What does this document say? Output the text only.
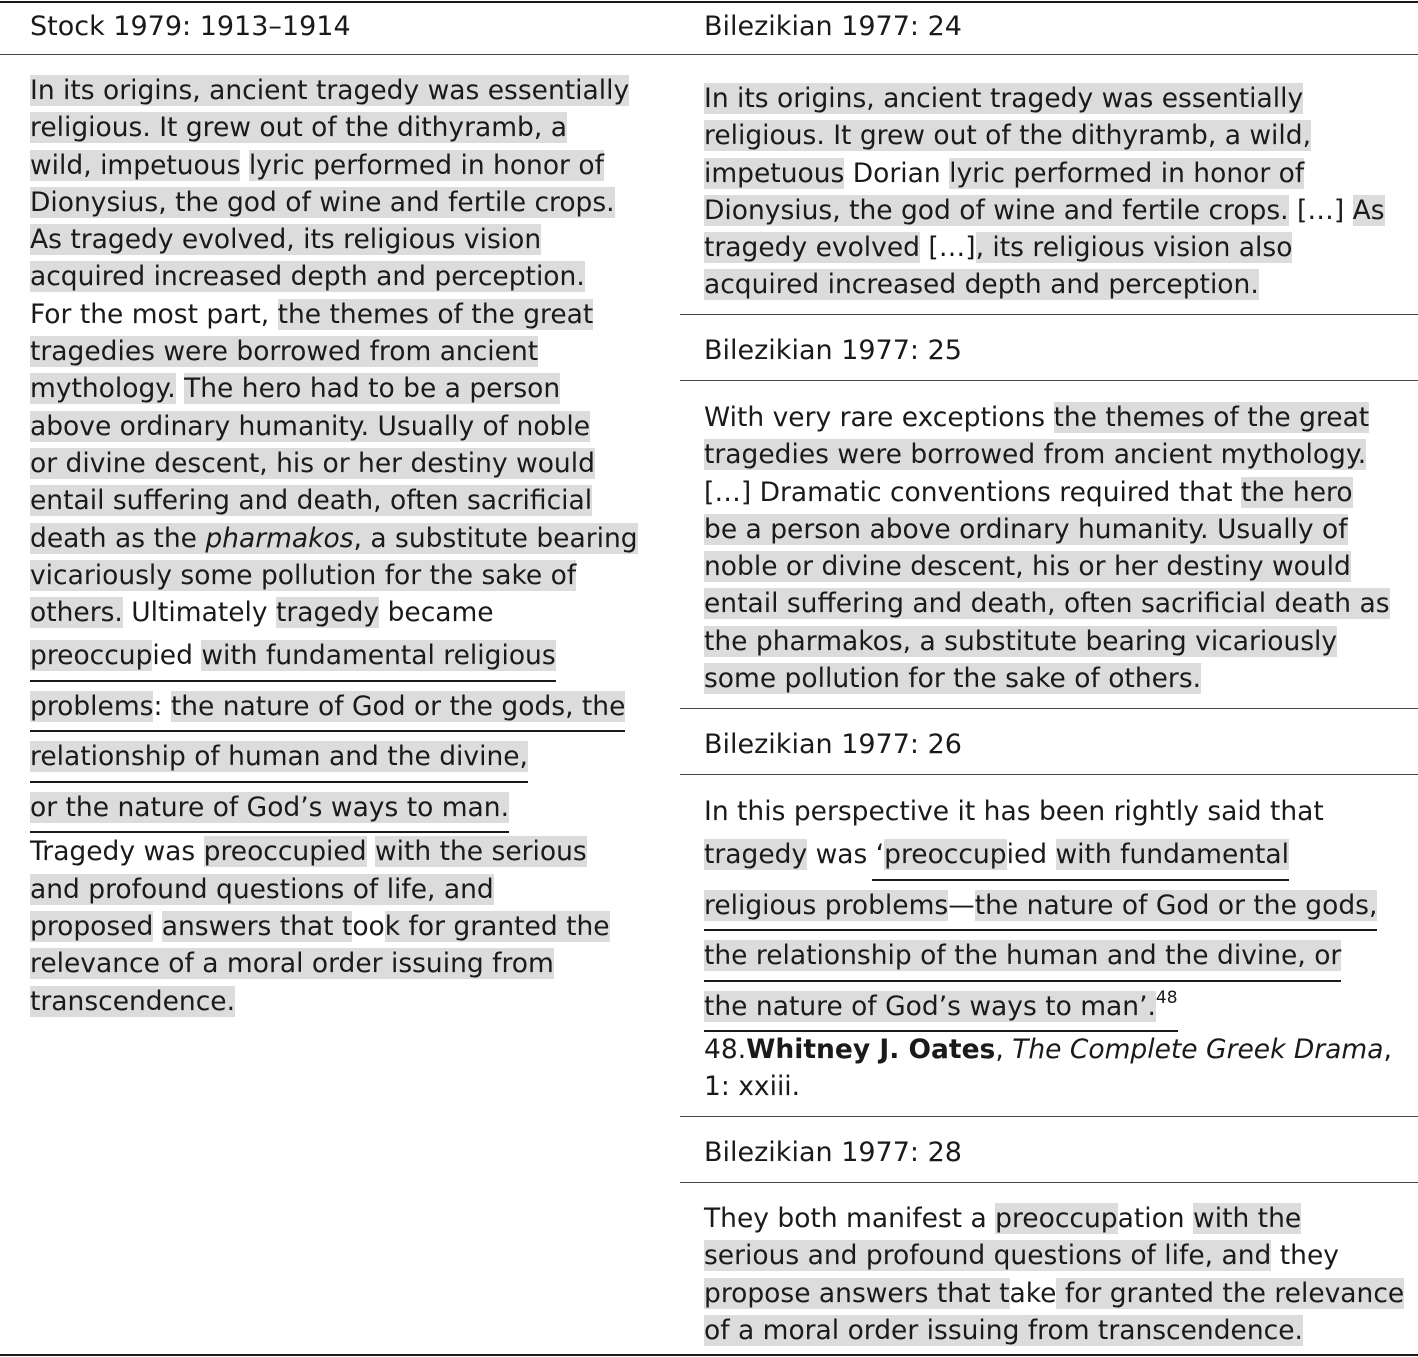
Stock 1979: 1913–1914
In its origins, ancient tragedy was essentially
religious. It grew out of the dithyramb, a
wild, impetuous lyric performed in honor of
Dionysius, the god of wine and fertile crops.
As tragedy evolved, its religious vision
acquired increased depth and perception.
For the most part, the themes of the great
tragedies were borrowed from ancient
mythology. The hero had to be a person
above ordinary humanity. Usually of noble
or divine descent, his or her destiny would
entail suffering and death, often sacrificial
death as the pharmakos, a substitute bearing
vicariously some pollution for the sake of
others. Ultimately tragedy became
preoccupied with fundamental religious
problems: the nature of God or the gods, the
relationship of human and the divine,
or the nature of God’s ways to man.
Tragedy was preoccupied with the serious
and profound questions of life, and
proposed answers that took for granted the
relevance of a moral order issuing from
transcendence.
Bilezikian 1977: 24
In its origins, ancient tragedy was essentially
religious. It grew out of the dithyramb, a wild,
impetuous Dorian lyric performed in honor of
Dionysius, the god of wine and fertile crops. […] As
tragedy evolved […], its religious vision also
acquired increased depth and perception.
Bilezikian 1977: 25
With very rare exceptions the themes of the great
tragedies were borrowed from ancient mythology.
[…] Dramatic conventions required that the hero
be a person above ordinary humanity. Usually of
noble or divine descent, his or her destiny would
entail suffering and death, often sacrificial death as
the pharmakos, a substitute bearing vicariously
some pollution for the sake of others.
Bilezikian 1977: 26
In this perspective it has been rightly said that
tragedy was ‘preoccupied with fundamental
religious problems—the nature of God or the gods,
the relationship of the human and the divine, or
the nature of God’s ways to man’.$^{48}$
48.Whitney J. Oates, The Complete Greek Drama,
1: xxiii.
Bilezikian 1977: 28
They both manifest a preoccupation with the
serious and profound questions of life, and they
propose answers that take for granted the relevance
of a moral order issuing from transcendence.
